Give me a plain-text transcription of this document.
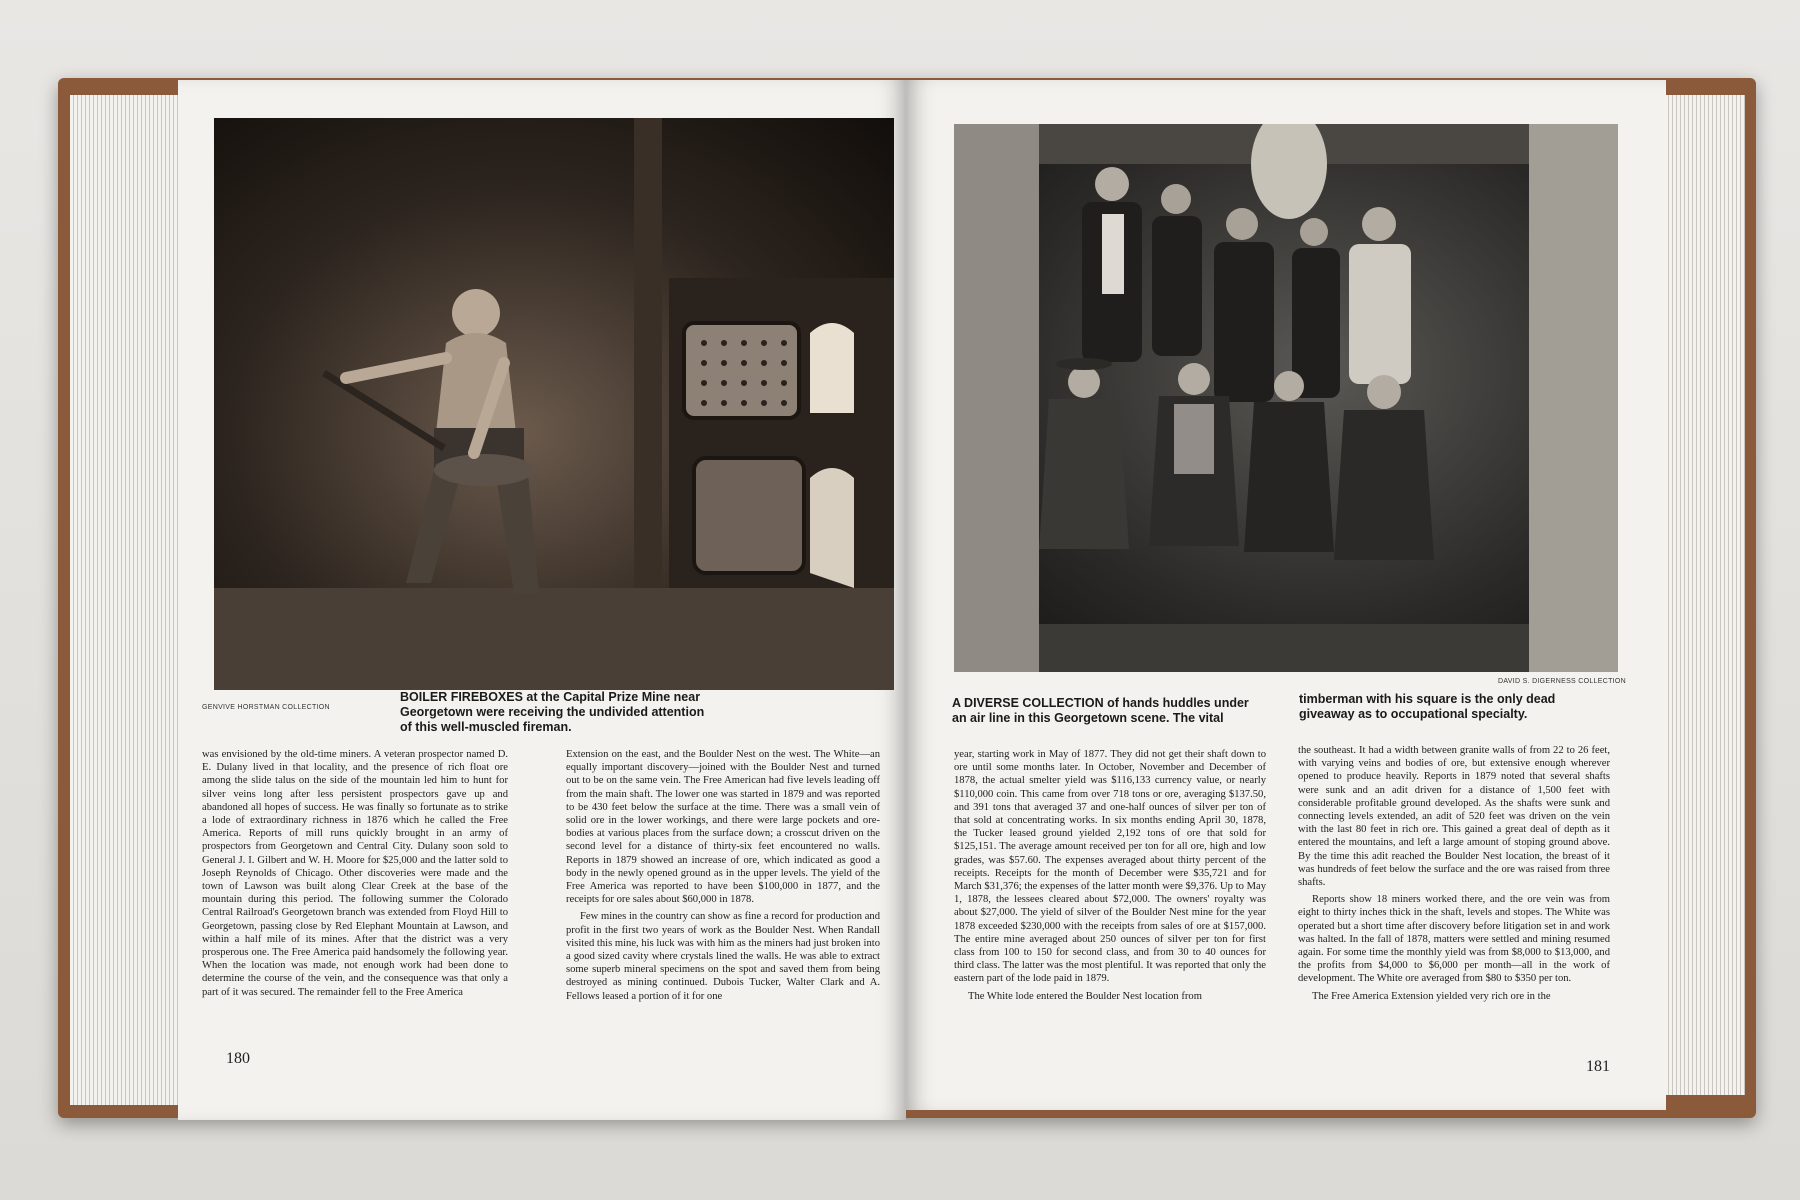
GENVIVE HORSTMAN COLLECTION
BOILER FIREBOXES at the Capital Prize Mine near Georgetown were receiving the undivided attention of this well-muscled fireman.

was envisioned by the old-time miners. A veteran prospector named D. E. Dulany lived in that locality, and the presence of rich float ore among the slide talus on the side of the mountain led him to hunt for silver veins long after less persistent prospectors gave up and abandoned all hopes of success. He was finally so fortunate as to strike a lode of extraordinary richness in 1876 which he called the Free America. Reports of mill runs quickly brought in an army of prospectors from Georgetown and Central City. Dulany soon sold to General J. I. Gilbert and W. H. Moore for $25,000 and the latter sold to Joseph Reynolds of Chicago. Other discoveries were made and the town of Lawson was built along Clear Creek at the base of the mountain during this period. The following summer the Colorado Central Railroad's Georgetown branch was extended from Floyd Hill to Georgetown, passing close by Red Elephant Mountain at Lawson, and within a half mile of its mines. After that the district was a very prosperous one. The Free America paid handsomely the following year. When the location was made, not enough work had been done to determine the course of the vein, and the consequence was that only a part of it was secured. The remainder fell to the Free America

Extension on the east, and the Boulder Nest on the west. The White—an equally important discovery—joined with the Boulder Nest and turned out to be on the same vein. The Free American had five levels leading off from the main shaft. The lower one was started in 1879 and was reported to be 430 feet below the surface at the time. There was a small vein of solid ore in the lower workings, and there were large pockets and ore-bodies at various places from the surface down; a crosscut driven on the second level for a distance of thirty-six feet encountered no walls. Reports in 1879 showed an increase of ore, which indicated as good a body in the newly opened ground as in the upper levels. The yield of the Free America was reported to have been $100,000 in 1877, and the receipts for ore sales about $60,000 in 1878.

Few mines in the country can show as fine a record for production and profit in the first two years of work as the Boulder Nest. When Randall visited this mine, his luck was with him as the miners had just broken into a good sized cavity where crystals lined the walls. He was able to extract some superb mineral specimens on the spot and saved them from being destroyed as mining continued. Dubois Tucker, Walter Clark and A. Fellows leased a portion of it for one

180
DAVID S. DIGERNESS COLLECTION
A DIVERSE COLLECTION of hands huddles under an air line in this Georgetown scene. The vital
timberman with his square is the only dead giveaway as to occupational specialty.

year, starting work in May of 1877. They did not get their shaft down to ore until some months later. In October, November and December of 1878, the actual smelter yield was $116,133 currency value, or nearly $110,000 coin. This came from over 718 tons or ore, averaging $137.50, and 391 tons that averaged 37 and one-half ounces of silver per ton of that sold at concentrating works. In six months ending April 30, 1878, the Tucker leased ground yielded 2,192 tons of ore that sold for $125,151. The average amount received per ton for all ore, high and low grades, was $57.60. The expenses averaged about thirty percent of the receipts. Receipts for the month of December were $35,721 and for March $31,376; the expenses of the latter month were $9,376. Up to May 1, 1878, the lessees cleared about $72,000. The owners' royalty was about $27,000. The yield of silver of the Boulder Nest mine for the year 1878 exceeded $230,000 with the receipts from sales of ore at $157,000. The entire mine averaged about 250 ounces of silver per ton for first class from 100 to 150 for second class, and from 30 to 40 ounces for third class. The latter was the most plentiful. It was reported that only the eastern part of the lode paid in 1879.

The White lode entered the Boulder Nest location from

the southeast. It had a width between granite walls of from 22 to 26 feet, with varying veins and bodies of ore, but extensive enough wherever opened to produce heavily. Reports in 1879 noted that several shafts were sunk and an adit driven for a distance of 1,500 feet with considerable profitable ground developed. As the shafts were sunk and connecting levels extended, an adit of 520 feet was driven on the vein with the last 80 feet in rich ore. This gained a great deal of depth as it entered the mountains, and left a large amount of stoping ground above. By the time this adit reached the Boulder Nest location, the breast of it was hundreds of feet below the surface and the ore was raised from three shafts.

Reports show 18 miners worked there, and the ore vein was from eight to thirty inches thick in the shaft, levels and stopes. The White was operated but a short time after discovery before litigation set in and work was halted. In the fall of 1878, matters were settled and mining resumed again. For some time the monthly yield was from $8,000 to $13,000, and the profits from $4,000 to $6,000 per month—all in the work of development. The White ore averaged from $80 to $350 per ton.

The Free America Extension yielded very rich ore in the

181
